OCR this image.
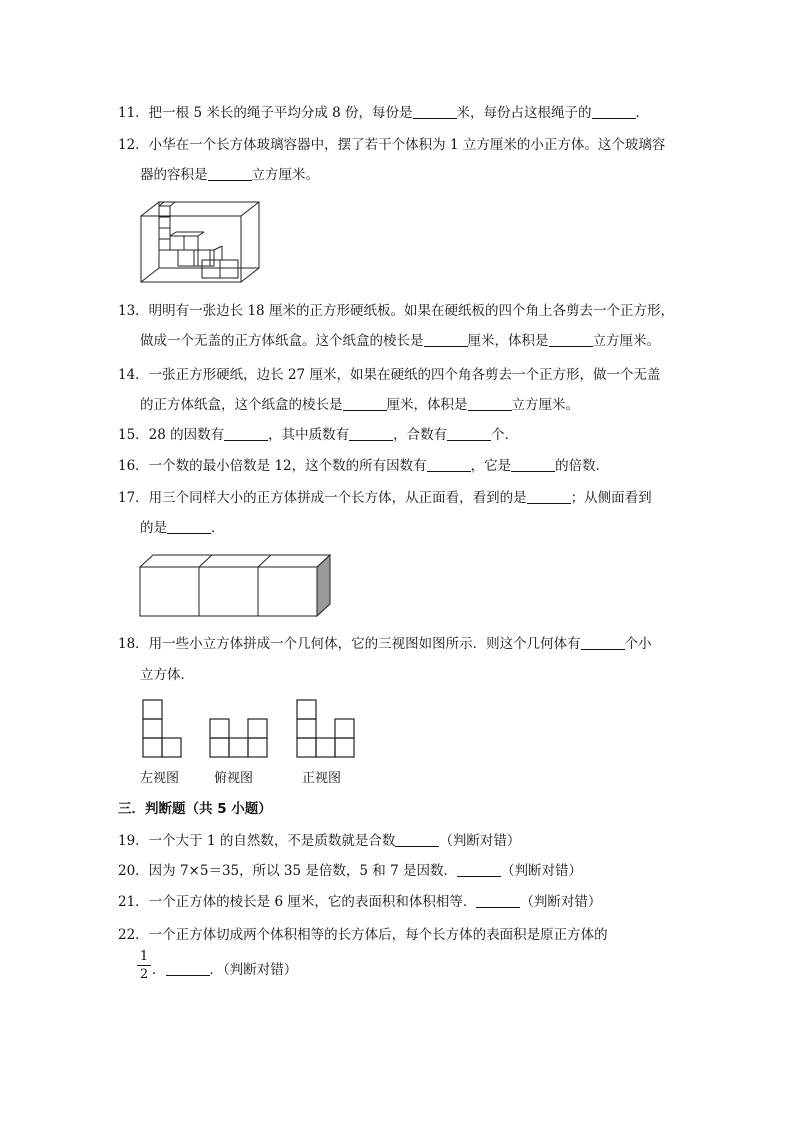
11．把一根 5 米长的绳子平均分成 8 份，每份是	米，每份占这根绳子的	．
12．小华在一个长方体玻璃容器中，摆了若干个体积为 1 立方厘米的小正方体。这个玻璃容
器的容积是	立方厘米。
13．明明有一张边长 18 厘米的正方形硬纸板。如果在硬纸板的四个角上各剪去一个正方形，
做成一个无盖的正方体纸盒。这个纸盒的棱长是	厘米，体积是	立方厘米。
14．一张正方形硬纸，边长 27 厘米，如果在硬纸的四个角各剪去一个正方形，做一个无盖
的正方体纸盒，这个纸盒的棱长是	厘米，体积是	立方厘米。
15．28 的因数有	，其中质数有	，合数有	个．
16．一个数的最小倍数是 12，这个数的所有因数有	，它是	的倍数．
17．用三个同样大小的正方体拼成一个长方体，从正面看，看到的是	；从侧面看到
的是	．
18．用一些小立方体拼成一个几何体，它的三视图如图所示．则这个几何体有	个小
立方体．
左视图	俯视图	正视图
三．判断题（共 5 小题）
19．一个大于 1 的自然数，不是质数就是合数	（判断对错）
20．因为 7×5＝35，所以 35 是倍数，5 和 7 是因数．	（判断对错）
21．一个正方体的棱长是 6 厘米，它的表面积和体积相等．	（判断对错）
22．一个正方体切成两个体积相等的长方体后，每个长方体的表面积是原正方体的
1
2 ．	．（判断对错）
